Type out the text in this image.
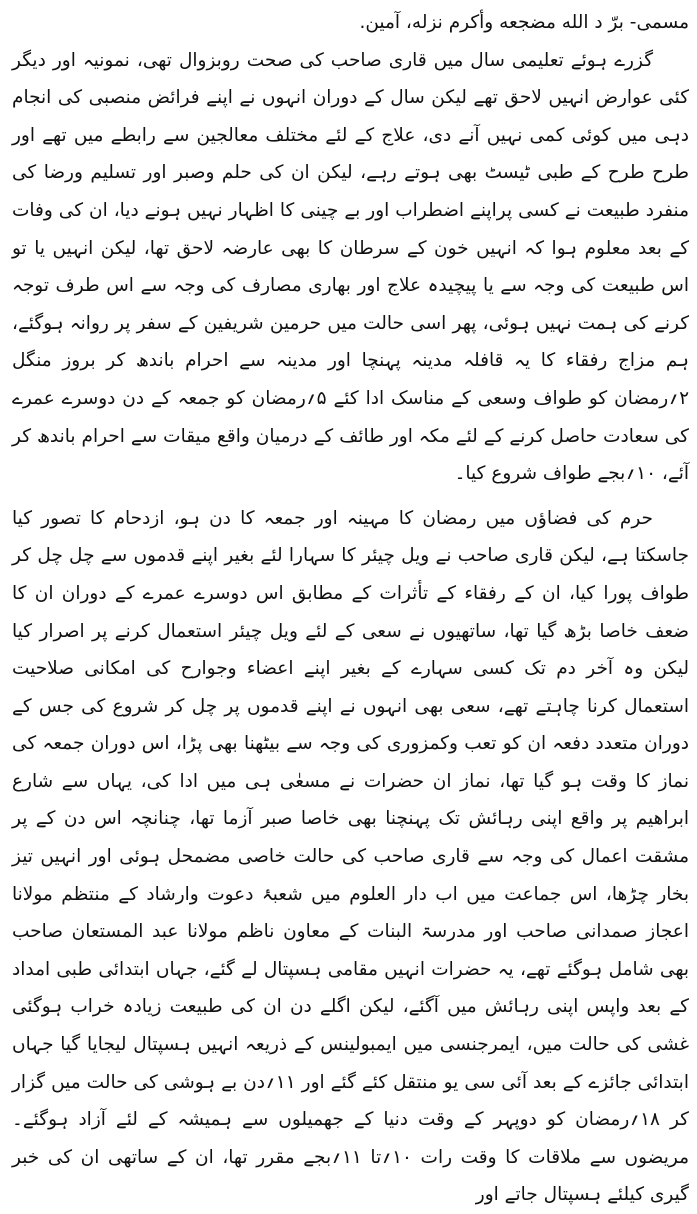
مسمی- برّ د الله مضجعه وأکرم نزله، آمین.

گزرے ہوئے تعلیمی سال میں قاری صاحب کی صحت روبزوال تھی، نمونیہ اور دیگر کئی عوارض انہیں لاحق تھے لیکن سال کے دوران انہوں نے اپنے فرائض منصبی کی انجام دہی میں کوئی کمی نہیں آنے دی، علاج کے لئے مختلف معالجین سے رابطے میں تھے اور طرح طرح کے طبی ٹیسٹ بھی ہوتے رہے، لیکن ان کی حلم وصبر اور تسلیم ورضا کی منفرد طبیعت نے کسی پراپنے اضطراب اور بے چینی کا اظہار نہیں ہونے دیا، ان کی وفات کے بعد معلوم ہوا کہ انہیں خون کے سرطان کا بھی عارضہ لاحق تھا، لیکن انہیں یا تو اس طبیعت کی وجہ سے یا پیچیدہ علاج اور بھاری مصارف کی وجہ سے اس طرف توجہ کرنے کی ہمت نہیں ہوئی، پھر اسی حالت میں حرمین شریفین کے سفر پر روانہ ہوگئے، ہم مزاج رفقاء کا یہ قافلہ مدینہ پہنچا اور مدینہ سے احرام باندھ کر بروز منگل ۲؍رمضان کو طواف وسعی کے مناسک ادا کئے ۵؍رمضان کو جمعہ کے دن دوسرے عمرے کی سعادت حاصل کرنے کے لئے مکہ اور طائف کے درمیان واقع میقات سے احرام باندھ کر آئے، ۱۰؍بجے طواف شروع کیا۔

حرم کی فضاؤں میں رمضان کا مہینہ اور جمعہ کا دن ہو، ازدحام کا تصور کیا جاسکتا ہے، لیکن قاری صاحب نے ویل چیئر کا سہارا لئے بغیر اپنے قدموں سے چل چل کر طواف پورا کیا، ان کے رفقاء کے تأثرات کے مطابق اس دوسرے عمرے کے دوران ان کا ضعف خاصا بڑھ گیا تھا، ساتھیوں نے سعی کے لئے ویل چیئر استعمال کرنے پر اصرار کیا لیکن وہ آخر دم تک کسی سہارے کے بغیر اپنے اعضاء وجوارح کی امکانی صلاحیت استعمال کرنا چاہتے تھے، سعی بھی انہوں نے اپنے قدموں پر چل کر شروع کی جس کے دوران متعدد دفعہ ان کو تعب وکمزوری کی وجہ سے بیٹھنا بھی پڑا، اس دوران جمعہ کی نماز کا وقت ہو گیا تھا، نماز ان حضرات نے مسعٰی ہی میں ادا کی، یہاں سے شارع ابراھیم پر واقع اپنی رہائش تک پہنچنا بھی خاصا صبر آزما تھا، چنانچہ اس دن کے پر مشقت اعمال کی وجہ سے قاری صاحب کی حالت خاصی مضمحل ہوئی اور انہیں تیز بخار چڑھا، اس جماعت میں اب دار العلوم میں شعبۂ دعوت وارشاد کے منتظم مولانا اعجاز صمدانی صاحب اور مدرسۃ البنات کے معاون ناظم مولانا عبد المستعان صاحب بھی شامل ہوگئے تھے، یہ حضرات انہیں مقامی ہسپتال لے گئے، جہاں ابتدائی طبی امداد کے بعد واپس اپنی رہائش میں آگئے، لیکن اگلے دن ان کی طبیعت زیادہ خراب ہوگئی غشی کی حالت میں، ایمرجنسی میں ایمبولینس کے ذریعہ انہیں ہسپتال لیجایا گیا جہاں ابتدائی جائزے کے بعد آئی سی یو منتقل کئے گئے اور ۱۱؍دن بے ہوشی کی حالت میں گزار کر ۱۸؍رمضان کو دوپہر کے وقت دنیا کے جھمیلوں سے ہمیشہ کے لئے آزاد ہوگئے۔ مریضوں سے ملاقات کا وقت رات ۱۰؍تا ۱۱؍بجے مقرر تھا، ان کے ساتھی ان کی خبر گیری کیلئے ہسپتال جاتے اور
